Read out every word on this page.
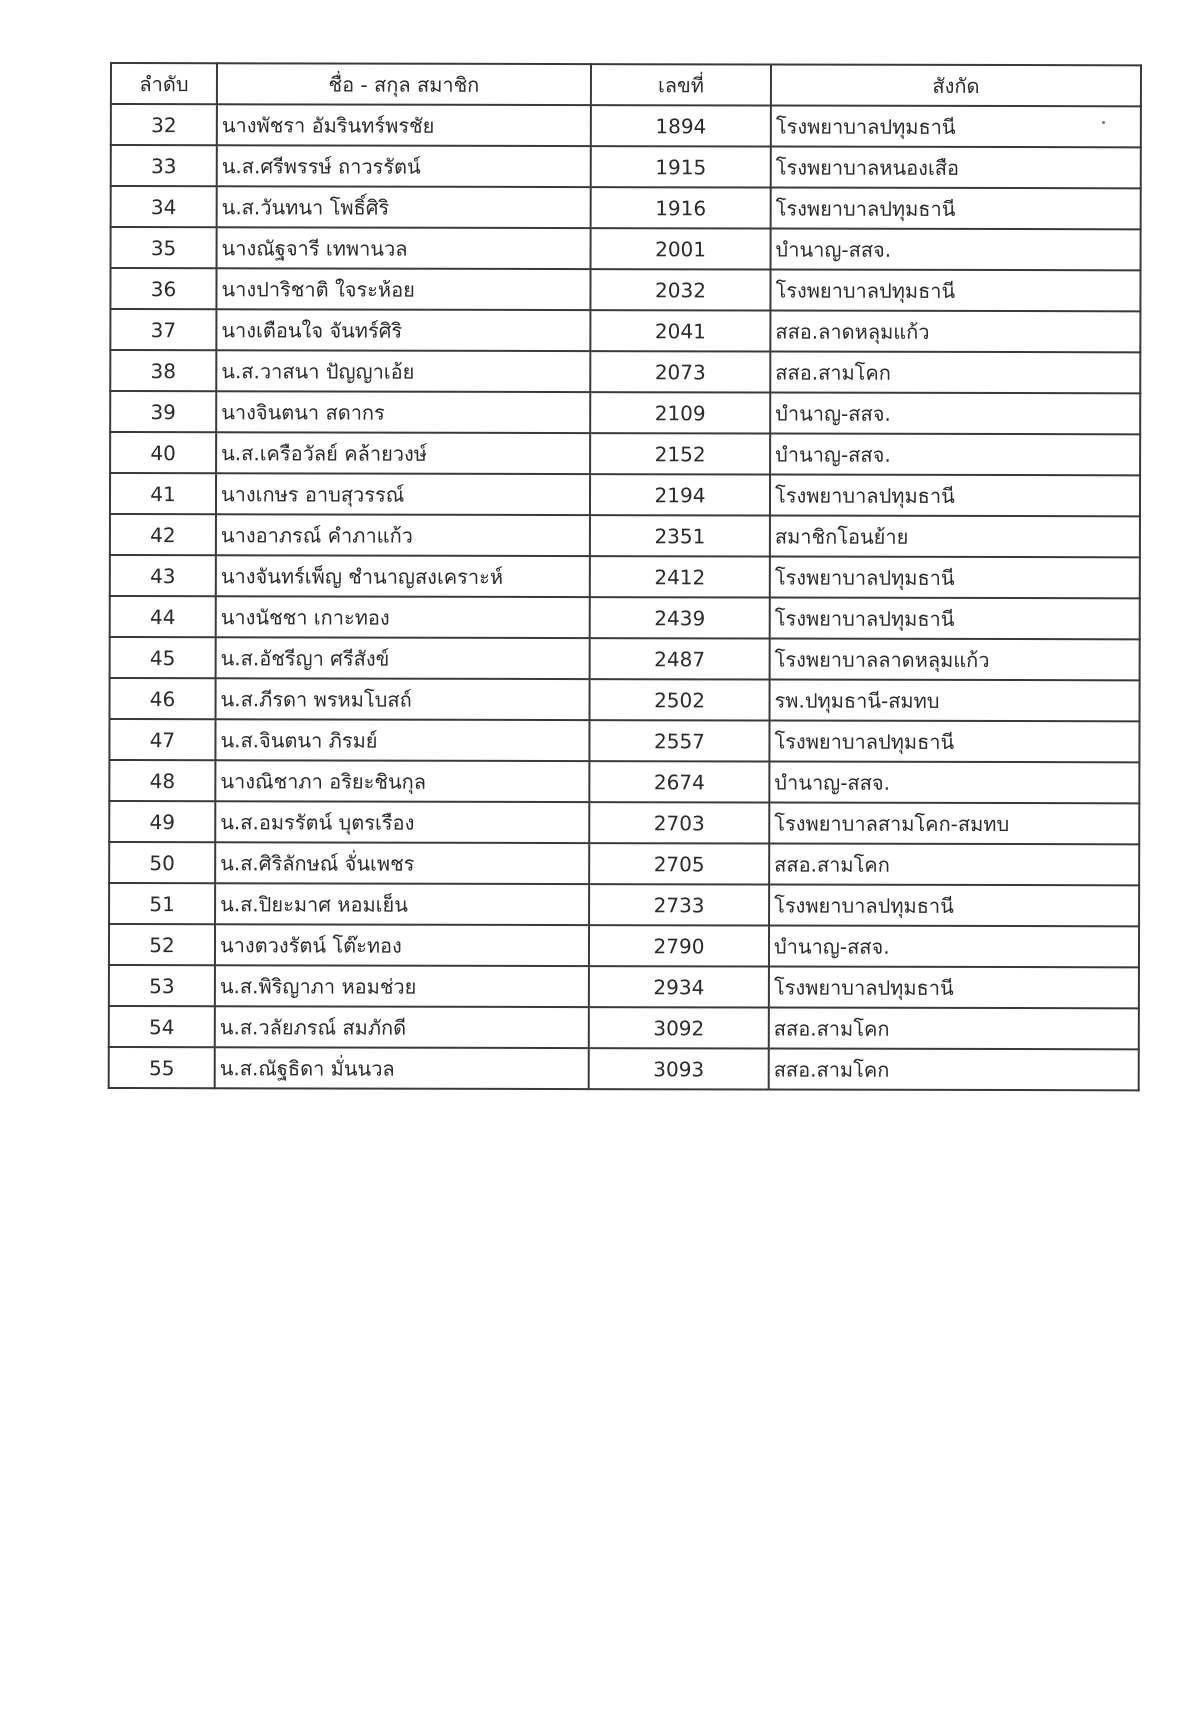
ลำดับ	ชื่อ - สกุล สมาชิก	เลขที่	สังกัด
32	นางพัชรา อัมรินทร์พรชัย	1894	โรงพยาบาลปทุมธานี
33	น.ส.ศรีพรรษ์ ถาวรรัตน์	1915	โรงพยาบาลหนองเสือ
34	น.ส.วันทนา โพธิ์ศิริ	1916	โรงพยาบาลปทุมธานี
35	นางณัฐจารี เทพานวล	2001	บำนาญ-สสจ.
36	นางปาริชาติ ใจระห้อย	2032	โรงพยาบาลปทุมธานี
37	นางเตือนใจ จันทร์ศิริ	2041	สสอ.ลาดหลุมแก้ว
38	น.ส.วาสนา ปัญญาเอ้ย	2073	สสอ.สามโคก
39	นางจินตนา สดากร	2109	บำนาญ-สสจ.
40	น.ส.เครือวัลย์ คล้ายวงษ์	2152	บำนาญ-สสจ.
41	นางเกษร อาบสุวรรณ์	2194	โรงพยาบาลปทุมธานี
42	นางอาภรณ์ คำภาแก้ว	2351	สมาชิกโอนย้าย
43	นางจันทร์เพ็ญ ชำนาญสงเคราะห์	2412	โรงพยาบาลปทุมธานี
44	นางนัชชา เกาะทอง	2439	โรงพยาบาลปทุมธานี
45	น.ส.อัชรีญา ศรีสังข์	2487	โรงพยาบาลลาดหลุมแก้ว
46	น.ส.ภีรดา พรหมโบสถ์	2502	รพ.ปทุมธานี-สมทบ
47	น.ส.จินตนา ภิรมย์	2557	โรงพยาบาลปทุมธานี
48	นางณิชาภา อริยะชินกุล	2674	บำนาญ-สสจ.
49	น.ส.อมรรัตน์ บุตรเรือง	2703	โรงพยาบาลสามโคก-สมทบ
50	น.ส.ศิริลักษณ์ จั่นเพชร	2705	สสอ.สามโคก
51	น.ส.ปิยะมาศ หอมเย็น	2733	โรงพยาบาลปทุมธานี
52	นางตวงรัตน์ โต๊ะทอง	2790	บำนาญ-สสจ.
53	น.ส.พิริญาภา หอมช่วย	2934	โรงพยาบาลปทุมธานี
54	น.ส.วลัยภรณ์ สมภักดี	3092	สสอ.สามโคก
55	น.ส.ณัฐธิดา มั่นนวล	3093	สสอ.สามโคก
